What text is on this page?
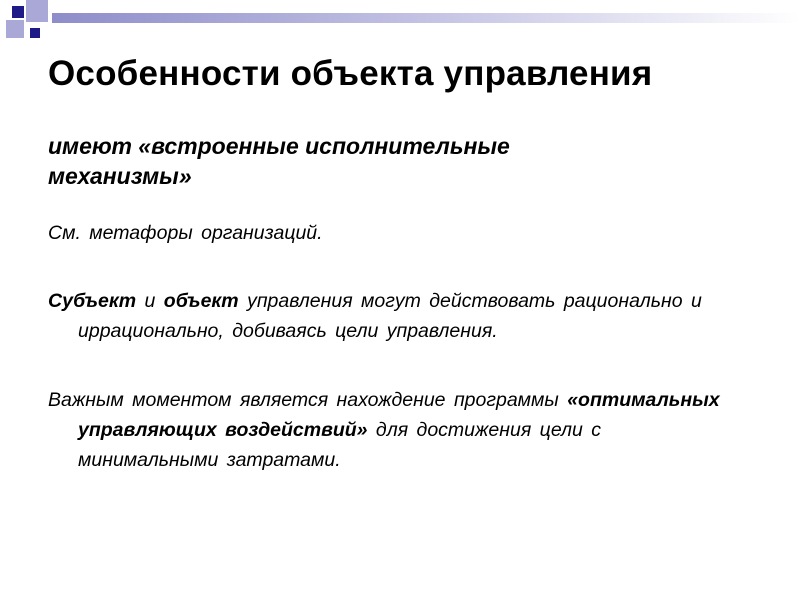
Особенности объекта управления

имеют «встроенные исполнительные механизмы»

См. метафоры организаций.

Субъект и объект управления могут действовать рационально и иррационально, добиваясь цели управления.

Важным моментом является нахождение программы «оптимальных управляющих воздействий» для достижения цели с минимальными затратами.
